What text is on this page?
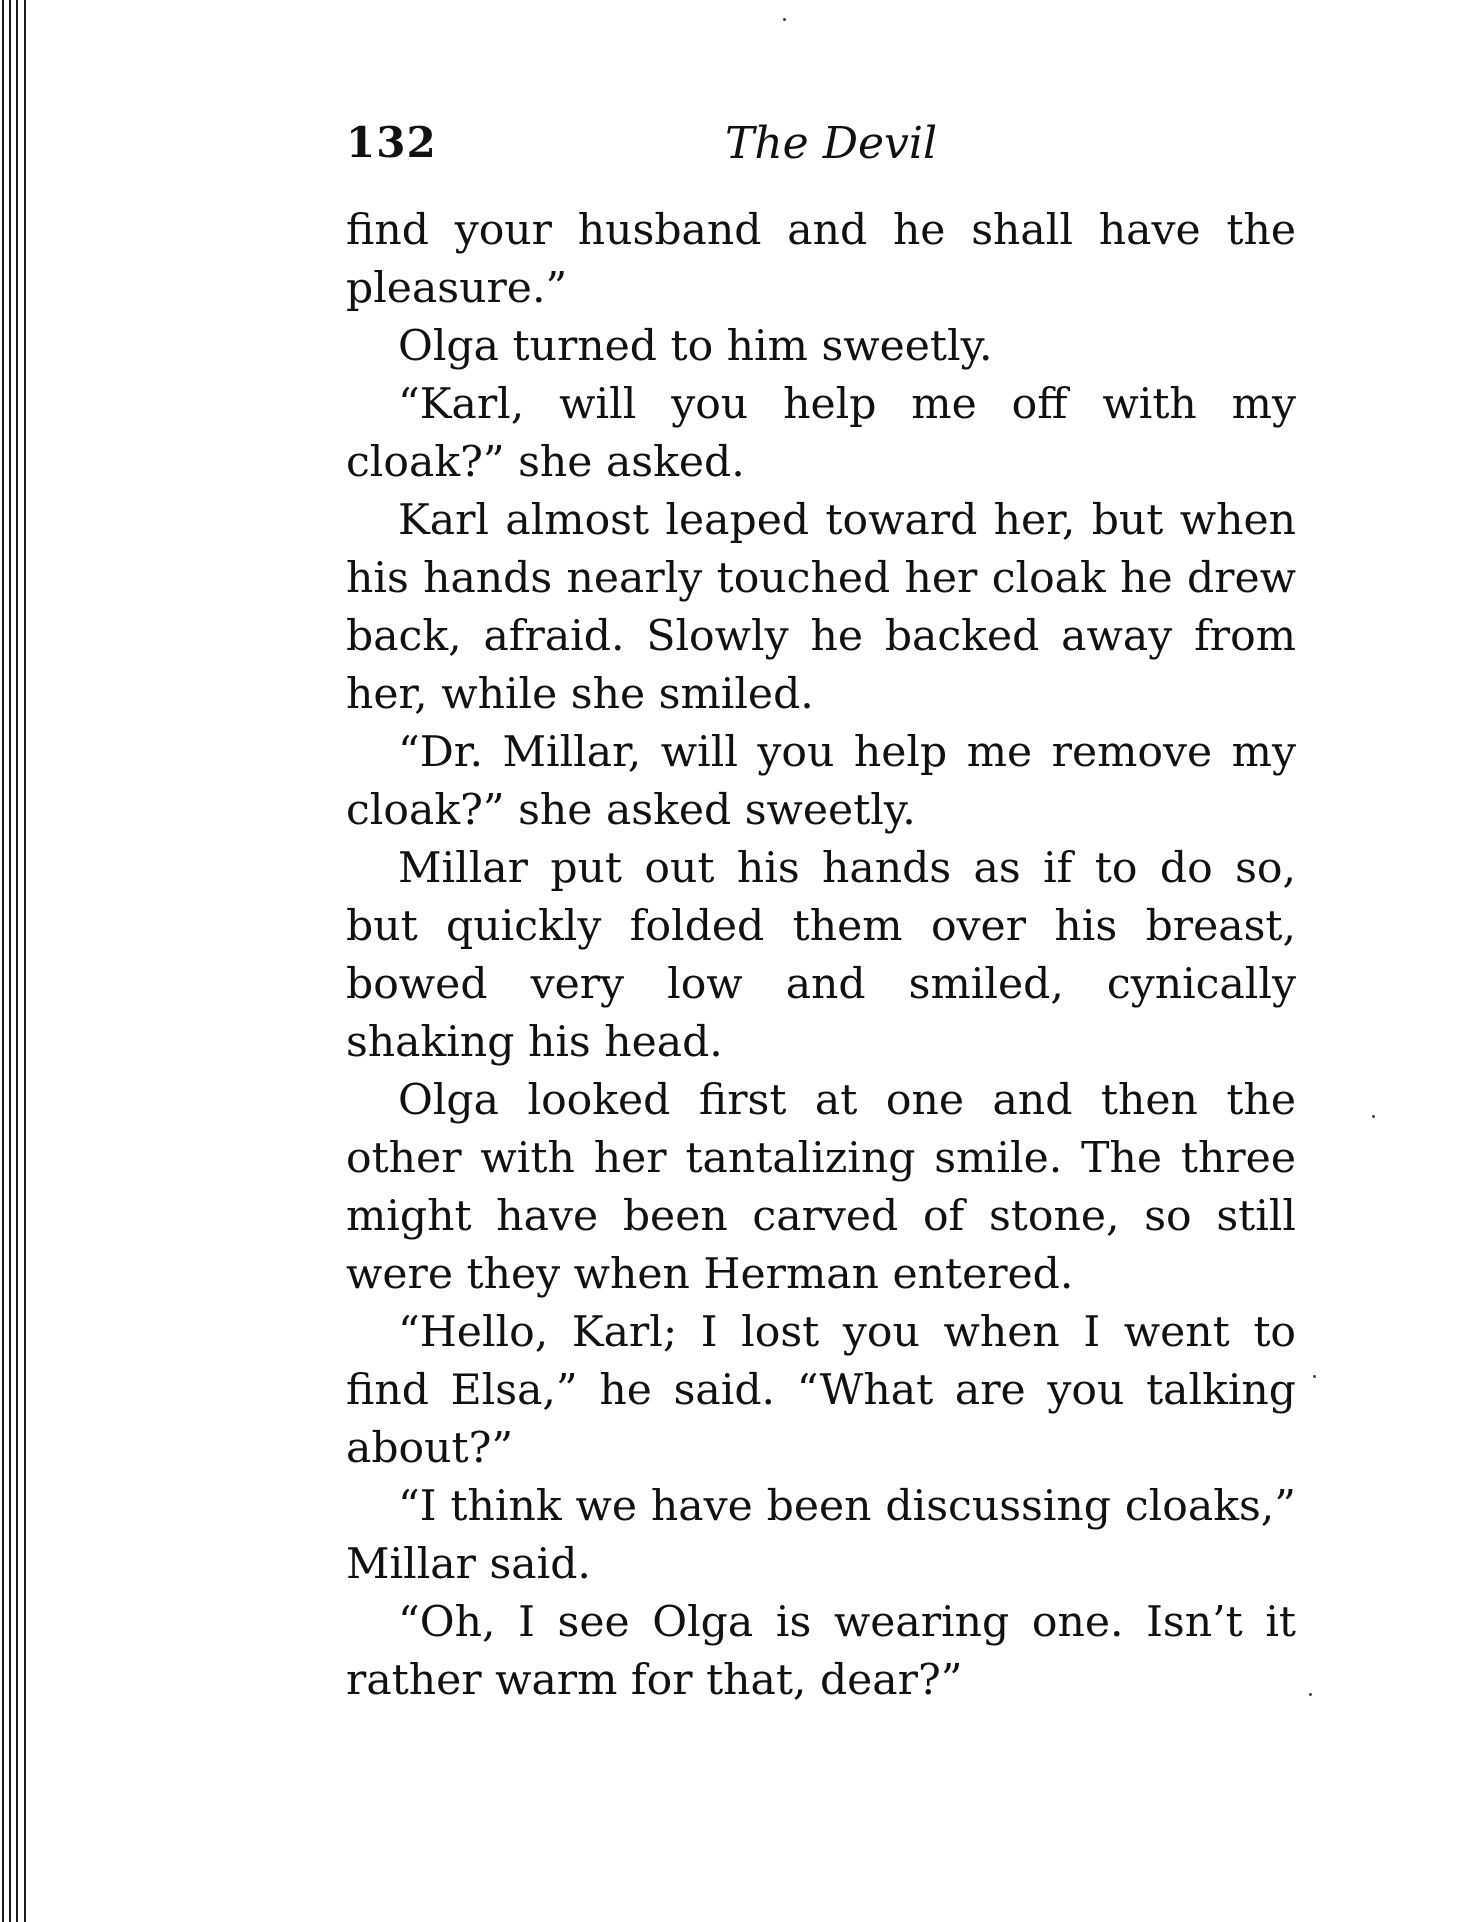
132	The Devil

find your husband and he shall have the pleasure.”

Olga turned to him sweetly.

“Karl, will you help me off with my cloak?” she asked.

Karl almost leaped toward her, but when his hands nearly touched her cloak he drew back, afraid. Slowly he backed away from her, while she smiled.

“Dr. Millar, will you help me remove my cloak?” she asked sweetly.

Millar put out his hands as if to do so, but quickly folded them over his breast, bowed very low and smiled, cynically shaking his head.

Olga looked first at one and then the other with her tantalizing smile. The three might have been carved of stone, so still were they when Herman entered.

“Hello, Karl; I lost you when I went to find Elsa,” he said. “What are you talking about?”

“I think we have been discussing cloaks,” Millar said.

“Oh, I see Olga is wearing one. Isn’t it rather warm for that, dear?”
